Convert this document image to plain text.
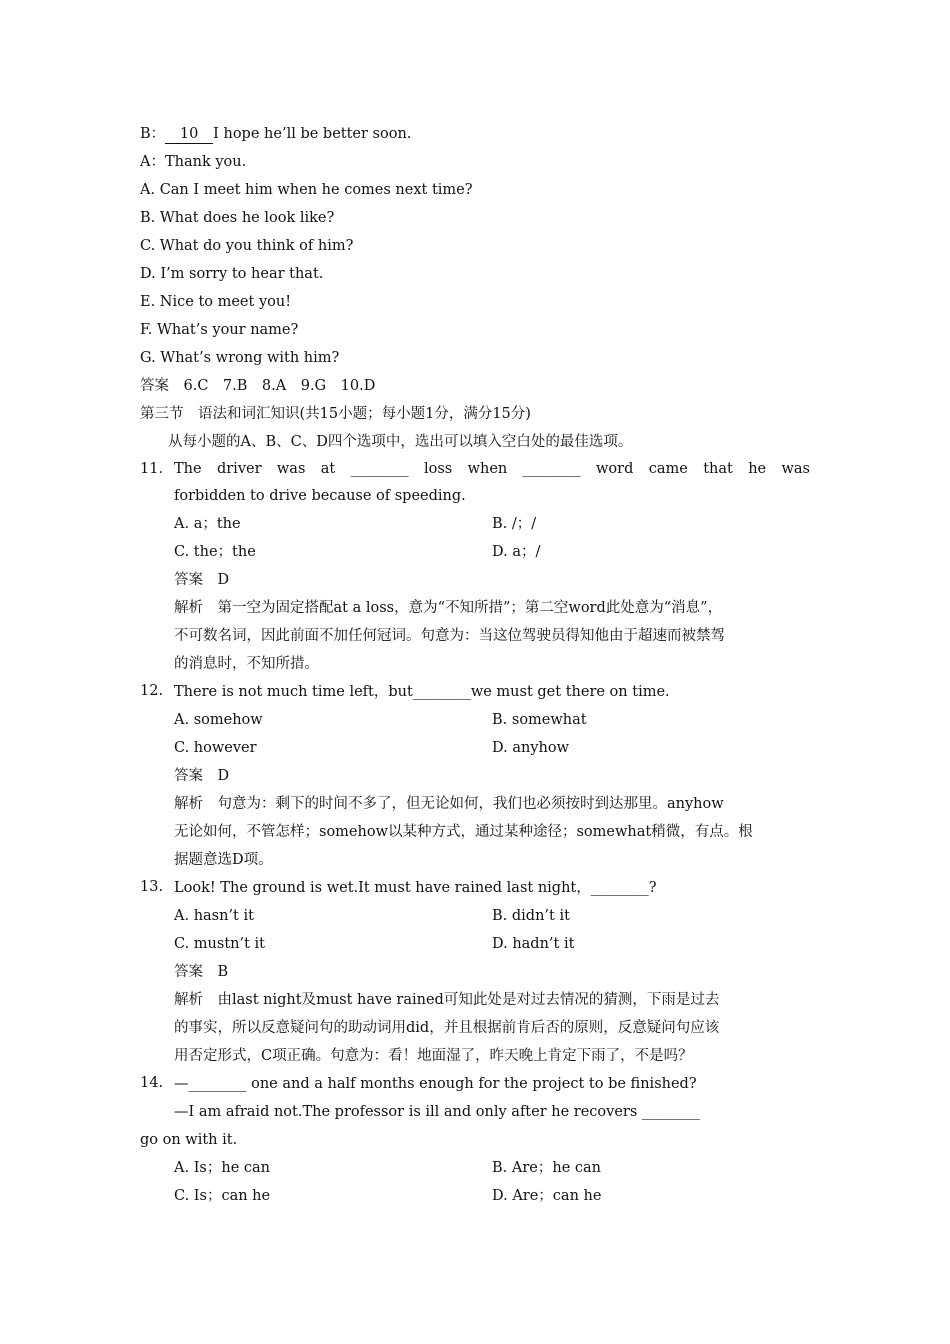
B： 10 I hope he’ll be better soon.
A：Thank you.
A. Can I meet him when he comes next time?
B. What does he look like?
C. What do you think of him?
D. I’m sorry to hear that.
E. Nice to meet you!
F. What’s your name?
G. What’s wrong with him?
答案　6.C　7.B　8.A　9.G　10.D
第三节　语法和词汇知识(共15小题；每小题1分，满分15分)
从每小题的A、B、C、D四个选项中，选出可以填入空白处的最佳选项。
11． The driver was at ________ loss when ________ word came that he was
forbidden to drive because of speeding.
A. a；the	B. /；/
C. the；the	D. a；/
答案　D
解析　第一空为固定搭配at a loss，意为“不知所措”；第二空word此处意为“消息”，
不可数名词，因此前面不加任何冠词。句意为：当这位驾驶员得知他由于超速而被禁驾
的消息时，不知所措。
12. There is not much time left，but________we must get there on time.
A. somehow	B. somewhat
C. however	D. anyhow
答案　D
解析　句意为：剩下的时间不多了，但无论如何，我们也必须按时到达那里。anyhow
无论如何，不管怎样；somehow以某种方式，通过某种途径；somewhat稍微，有点。根
据题意选D项。
13. Look! The ground is wet.It must have rained last night，________?
A. hasn’t it	B. didn’t it
C. mustn’t it	D. hadn’t it
答案　B
解析　由last night及must have rained可知此处是对过去情况的猜测，下雨是过去
的事实，所以反意疑问句的助动词用did，并且根据前肯后否的原则，反意疑问句应该
用否定形式，C项正确。句意为：看！地面湿了，昨天晚上肯定下雨了，不是吗？
14. —________ one and a half months enough for the project to be finished?
—I am afraid not.The professor is ill and only after he recovers ________
go on with it.
A. Is；he can	B. Are；he can
C. Is；can he	D. Are；can he
